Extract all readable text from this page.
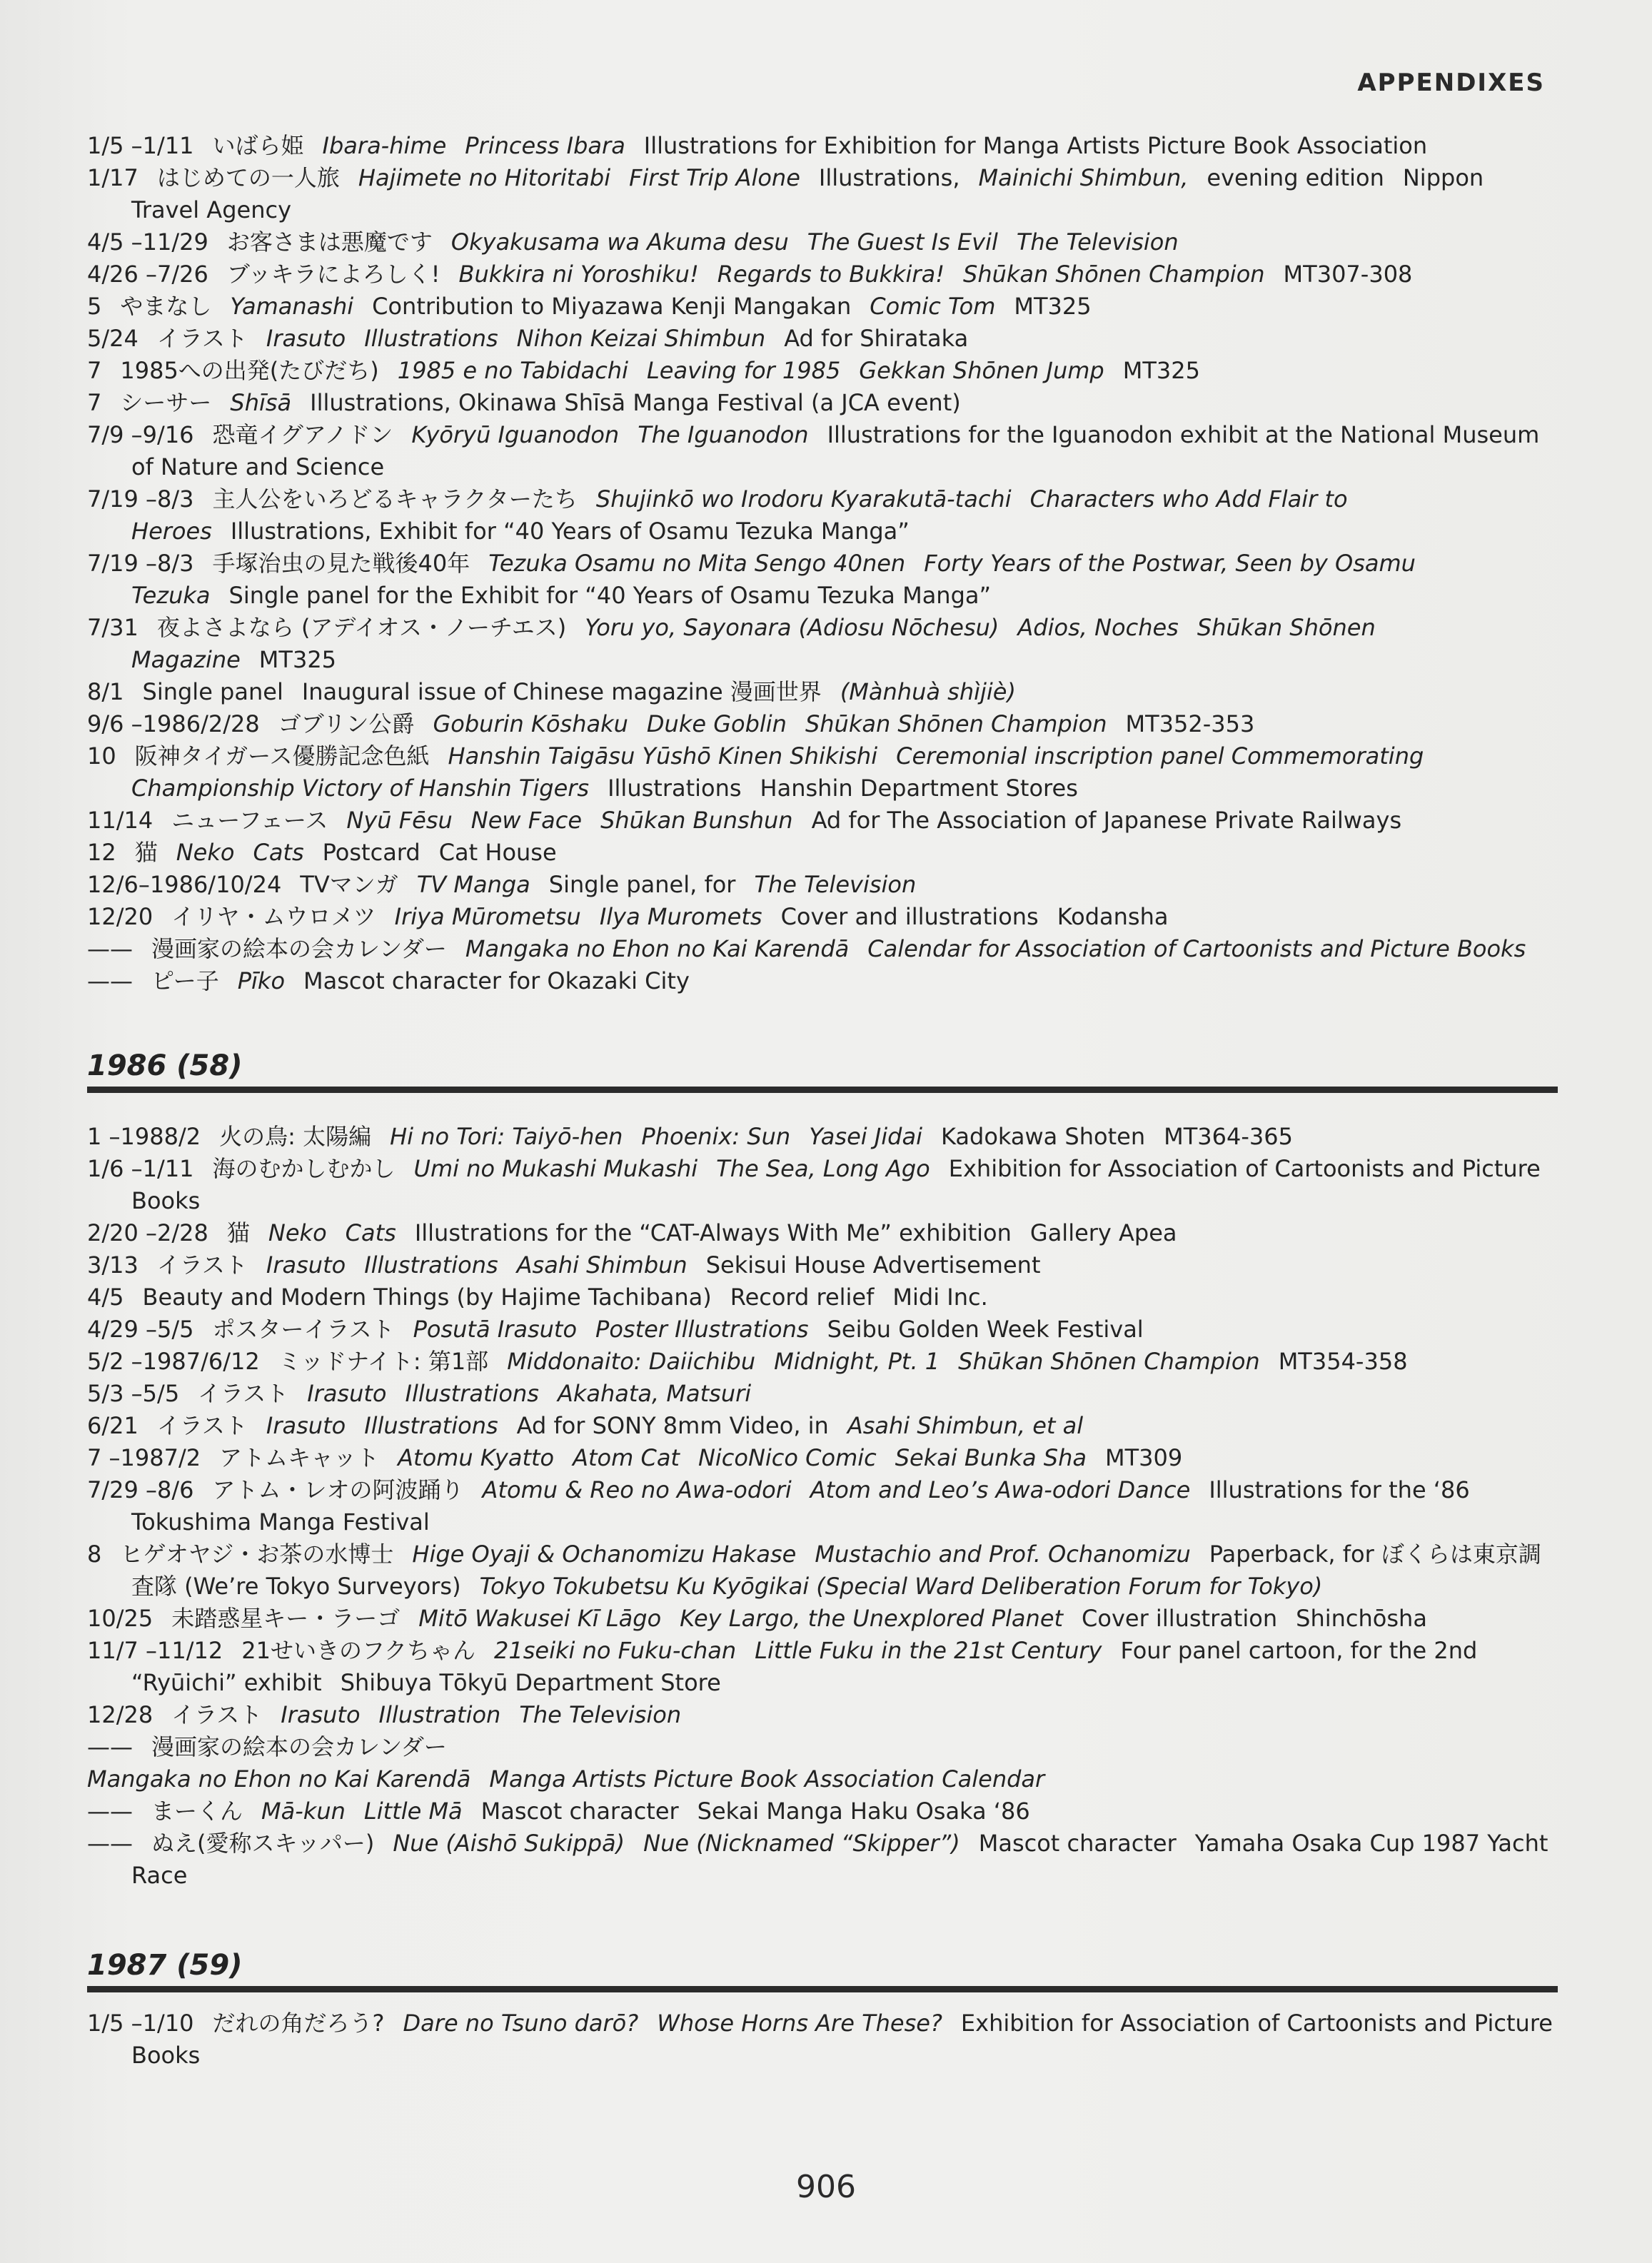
APPENDIXES
1/5 –1/11 いばら姫 Ibara-hime Princess Ibara Illustrations for Exhibition for Manga Artists Picture Book Association
1/17 はじめての一人旅 Hajimete no Hitoritabi First Trip Alone Illustrations, Mainichi Shimbun, evening edition Nippon Travel Agency
4/5 –11/29 お客さまは悪魔です Okyakusama wa Akuma desu The Guest Is Evil The Television
4/26 –7/26 ブッキラによろしく! Bukkira ni Yoroshiku! Regards to Bukkira! Shūkan Shōnen Champion MT307-308
5 やまなし Yamanashi Contribution to Miyazawa Kenji Mangakan Comic Tom MT325
5/24 イラスト Irasuto Illustrations Nihon Keizai Shimbun Ad for Shirataka
7 1985への出発(たびだち) 1985 e no Tabidachi Leaving for 1985 Gekkan Shōnen Jump MT325
7 シーサー Shīsā Illustrations, Okinawa Shīsā Manga Festival (a JCA event)
7/9 –9/16 恐竜イグアノドン Kyōryū Iguanodon The Iguanodon Illustrations for the Iguanodon exhibit at the National Museum of Nature and Science
7/19 –8/3 主人公をいろどるキャラクターたち Shujinkō wo Irodoru Kyarakutā-tachi Characters who Add Flair to Heroes Illustrations, Exhibit for “40 Years of Osamu Tezuka Manga”
7/19 –8/3 手塚治虫の見た戦後40年 Tezuka Osamu no Mita Sengo 40nen Forty Years of the Postwar, Seen by Osamu Tezuka Single panel for the Exhibit for “40 Years of Osamu Tezuka Manga”
7/31 夜よさよなら (アデイオス・ノーチエス) Yoru yo, Sayonara (Adiosu Nōchesu) Adios, Noches Shūkan Shōnen Magazine MT325
8/1 Single panel Inaugural issue of Chinese magazine 漫画世界 (Mànhuà shìjiè)
9/6 –1986/2/28 ゴブリン公爵 Goburin Kōshaku Duke Goblin Shūkan Shōnen Champion MT352-353
10 阪神タイガース優勝記念色紙 Hanshin Taigāsu Yūshō Kinen Shikishi Ceremonial inscription panel Commemorating Championship Victory of Hanshin Tigers Illustrations Hanshin Department Stores
11/14 ニューフェース Nyū Fēsu New Face Shūkan Bunshun Ad for The Association of Japanese Private Railways
12 猫 Neko Cats Postcard Cat House
12/6–1986/10/24 TVマンガ TV Manga Single panel, for The Television
12/20 イリヤ・ムウロメツ Iriya Mūrometsu Ilya Muromets Cover and illustrations Kodansha
—— 漫画家の絵本の会カレンダー Mangaka no Ehon no Kai Karendā Calendar for Association of Cartoonists and Picture Books
—— ピー子 Pīko Mascot character for Okazaki City
1986 (58)
1 –1988/2 火の鳥: 太陽編 Hi no Tori: Taiyō-hen Phoenix: Sun Yasei Jidai Kadokawa Shoten MT364-365
1/6 –1/11 海のむかしむかし Umi no Mukashi Mukashi The Sea, Long Ago Exhibition for Association of Cartoonists and Picture Books
2/20 –2/28 猫 Neko Cats Illustrations for the “CAT-Always With Me” exhibition Gallery Apea
3/13 イラスト Irasuto Illustrations Asahi Shimbun Sekisui House Advertisement
4/5 Beauty and Modern Things (by Hajime Tachibana) Record relief Midi Inc.
4/29 –5/5 ポスターイラスト Posutā Irasuto Poster Illustrations Seibu Golden Week Festival
5/2 –1987/6/12 ミッドナイト: 第1部 Middonaito: Daiichibu Midnight, Pt. 1 Shūkan Shōnen Champion MT354-358
5/3 –5/5 イラスト Irasuto Illustrations Akahata, Matsuri
6/21 イラスト Irasuto Illustrations Ad for SONY 8mm Video, in Asahi Shimbun, et al
7 –1987/2 アトムキャット Atomu Kyatto Atom Cat NicoNico Comic Sekai Bunka Sha MT309
7/29 –8/6 アトム・レオの阿波踊り Atomu & Reo no Awa-odori Atom and Leo’s Awa-odori Dance Illustrations for the ‘86 Tokushima Manga Festival
8 ヒゲオヤジ・お茶の水博士 Hige Oyaji & Ochanomizu Hakase Mustachio and Prof. Ochanomizu Paperback, for ぼくらは東京調査隊 (We’re Tokyo Surveyors) Tokyo Tokubetsu Ku Kyōgikai (Special Ward Deliberation Forum for Tokyo)
10/25 未踏惑星キー・ラーゴ Mitō Wakusei Kī Lāgo Key Largo, the Unexplored Planet Cover illustration Shinchōsha
11/7 –11/12 21せいきのフクちゃん 21seiki no Fuku-chan Little Fuku in the 21st Century Four panel cartoon, for the 2nd “Ryūichi” exhibit Shibuya Tōkyū Department Store
12/28 イラスト Irasuto Illustration The Television
—— 漫画家の絵本の会カレンダー
Mangaka no Ehon no Kai Karendā Manga Artists Picture Book Association Calendar
—— まーくん Mā-kun Little Mā Mascot character Sekai Manga Haku Osaka ‘86
—— ぬえ(愛称スキッパー) Nue (Aishō Sukippā) Nue (Nicknamed “Skipper”) Mascot character Yamaha Osaka Cup 1987 Yacht Race
1987 (59)
1/5 –1/10 だれの角だろう? Dare no Tsuno darō? Whose Horns Are These? Exhibition for Association of Cartoonists and Picture Books
906
